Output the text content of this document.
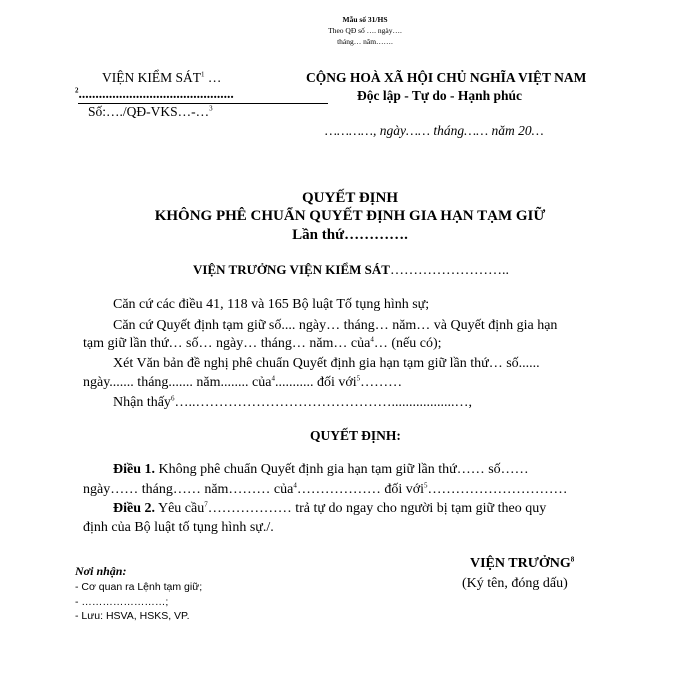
Mẫu số 31/HS
Theo QĐ số …. ngày….
tháng… năm…….
VIỆN KIỂM SÁT$^1$ …
$^2$..............................................
Số:…./QĐ-VKS…-…$^3$
CỘNG HOÀ XÃ HỘI CHỦ NGHĨA VIỆT NAM
Độc lập - Tự do - Hạnh phúc
…………, ngày…… tháng…… năm 20…
QUYẾT ĐỊNH
KHÔNG PHÊ CHUẨN QUYẾT ĐỊNH GIA HẠN TẠM GIỮ
Lần thứ………….
VIỆN TRƯỞNG VIỆN KIỂM SÁT……………………..
Căn cứ các điều 41, 118 và 165 Bộ luật Tố tụng hình sự;
Căn cứ Quyết định tạm giữ số.... ngày… tháng… năm… và Quyết định gia hạn
tạm giữ lần thứ… số… ngày… tháng… năm… của$^4$… (nếu có);
Xét Văn bản đề nghị phê chuẩn Quyết định gia hạn tạm giữ lần thứ… số......
ngày....... tháng....... năm........ của$^4$........... đối với$^5$………
Nhận thấy$^6$…..……………………………………..................…,
QUYẾT ĐỊNH:
Điều 1. Không phê chuẩn Quyết định gia hạn tạm giữ lần thứ…… số……
ngày…… tháng…… năm……… của$^4$……………… đối với$^5$…………………………
Điều 2. Yêu cầu$^7$……………… trả tự do ngay cho người bị tạm giữ theo quy
định của Bộ luật tố tụng hình sự./.
Nơi nhận:
- Cơ quan ra Lệnh tạm giữ;
- ……………………;
- Lưu: HSVA, HSKS, VP.
VIỆN TRƯỞNG$^8$
(Ký tên, đóng dấu)
